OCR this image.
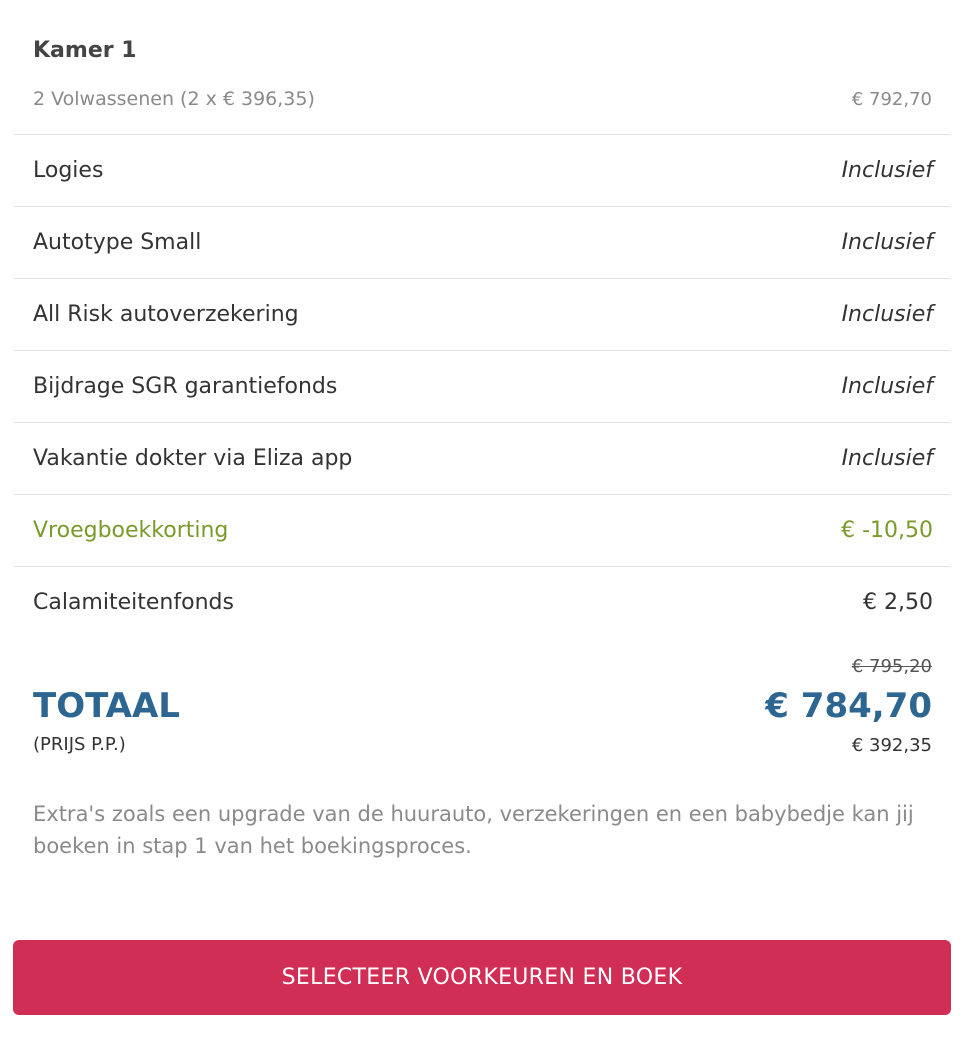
Kamer 1
2 Volwassenen (2 x € 396,35)	€ 792,70
Logies	Inclusief
Autotype Small	Inclusief
All Risk autoverzekering	Inclusief
Bijdrage SGR garantiefonds	Inclusief
Vakantie dokter via Eliza app	Inclusief
Vroegboekkorting	€ -10,50
Calamiteitenfonds	€ 2,50
€ 795,20
TOTAAL	€ 784,70
(PRIJS P.P.)	€ 392,35

Extra's zoals een upgrade van de huurauto, verzekeringen en een babybedje kan jij boeken in stap 1 van het boekingsproces.

SELECTEER VOORKEUREN EN BOEK
